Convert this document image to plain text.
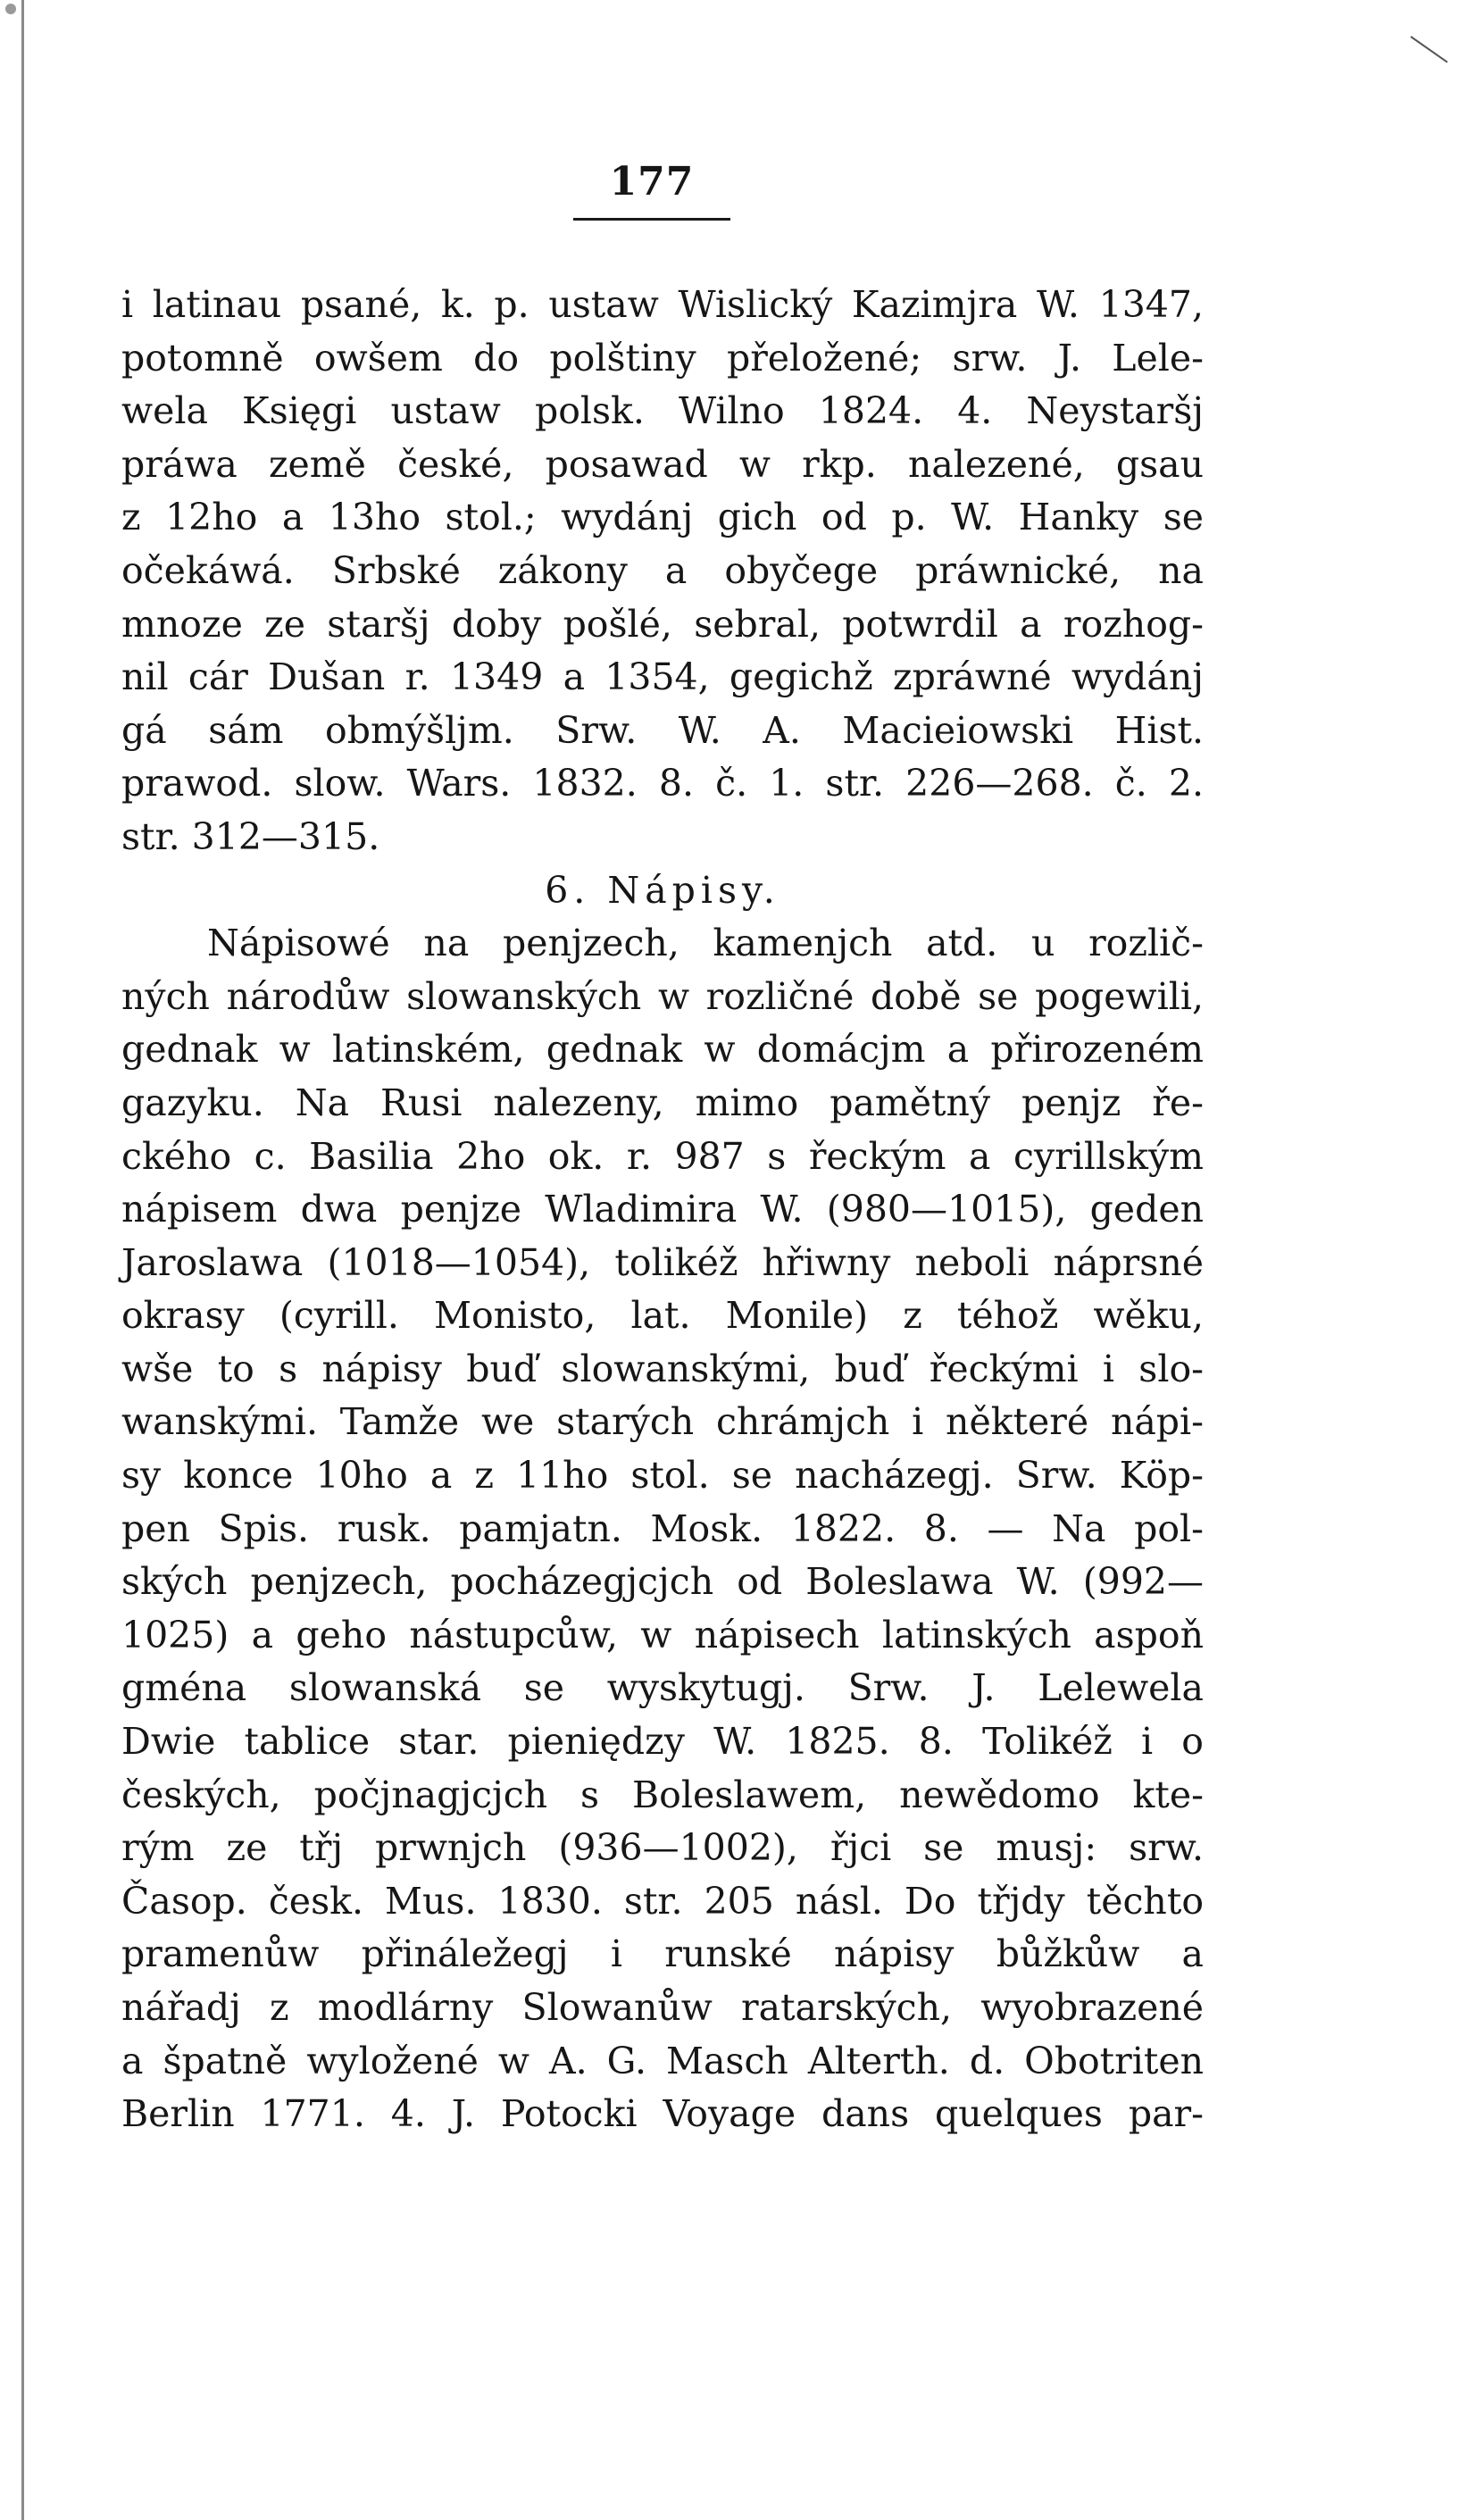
177
i latinau psané, k. p. ustaw Wislický Kazimjra W. 1347,
potomně owšem do polštiny přeložené; srw. J. Lele-
wela Księgi ustaw polsk. Wilno 1824. 4. Neystaršj
práwa země české, posawad w rkp. nalezené, gsau
z 12ho a 13ho stol.; wydánj gich od p. W. Hanky se
očekáwá. Srbské zákony a obyčege práwnické, na
mnoze ze staršj doby pošlé, sebral, potwrdil a rozhog-
nil cár Dušan r. 1349 a 1354, gegichž zpráwné wydánj
gá sám obmýšljm. Srw. W. A. Macieiowski Hist.
prawod. slow. Wars. 1832. 8. č. 1. str. 226—268. č. 2.
str. 312—315.
6. Nápisy.
Nápisowé na penjzech, kamenjch atd. u rozlič-
ných národůw slowanských w rozličné době se pogewili,
gednak w latinském, gednak w domácjm a přirozeném
gazyku. Na Rusi nalezeny, mimo pamětný penjz ře-
ckého c. Basilia 2ho ok. r. 987 s řeckým a cyrillským
nápisem dwa penjze Wladimira W. (980—1015), geden
Jaroslawa (1018—1054), tolikéž hřiwny neboli náprsné
okrasy (cyrill. Monisto, lat. Monile) z téhož wěku,
wše to s nápisy buď slowanskými, buď řeckými i slo-
wanskými. Tamže we starých chrámjch i některé nápi-
sy konce 10ho a z 11ho stol. se nacházegj. Srw. Köp-
pen Spis. rusk. pamjatn. Mosk. 1822. 8. — Na pol-
ských penjzech, pocházegjcjch od Boleslawa W. (992—
1025) a geho nástupcůw, w nápisech latinských aspoň
gména slowanská se wyskytugj. Srw. J. Lelewela
Dwie tablice star. pieniędzy W. 1825. 8. Tolikéž i o
českých, počjnagjcjch s Boleslawem, newědomo kte-
rým ze třj prwnjch (936—1002), řjci se musj: srw.
Časop. česk. Mus. 1830. str. 205 násl. Do třjdy těchto
pramenůw přináležegj i runské nápisy bůžkůw a
nářadj z modlárny Slowanůw ratarských, wyobrazené
a špatně wyložené w A. G. Masch Alterth. d. Obotriten
Berlin 1771. 4. J. Potocki Voyage dans quelques par-
